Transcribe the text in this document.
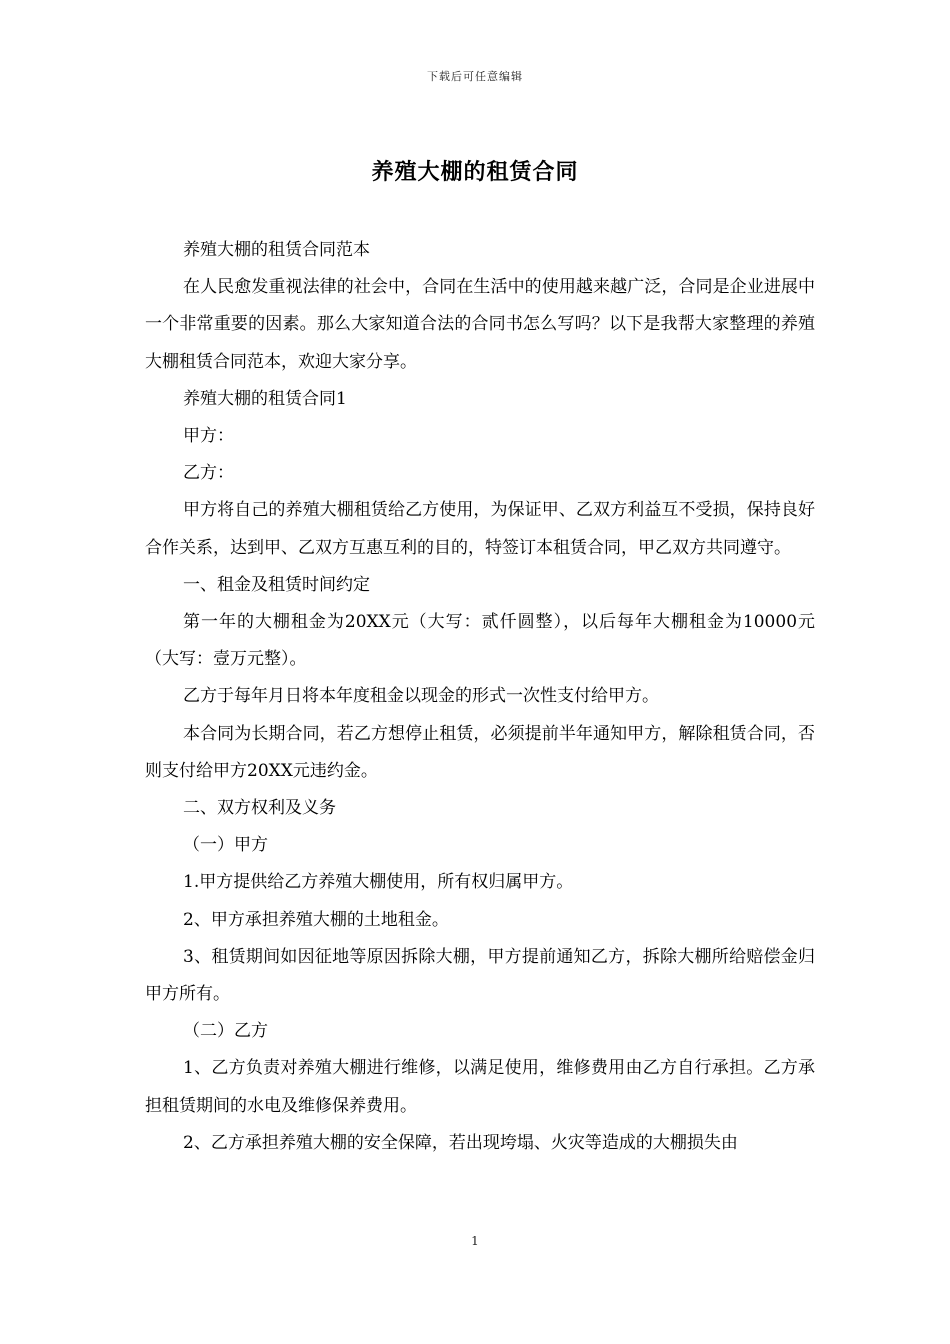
下载后可任意编辑
养殖大棚的租赁合同

养殖大棚的租赁合同范本

在人民愈发重视法律的社会中，合同在生活中的使用越来越广泛，合同是企业进展中一个非常重要的因素。那么大家知道合法的合同书怎么写吗？以下是我帮大家整理的养殖大棚租赁合同范本，欢迎大家分享。

养殖大棚的租赁合同1

甲方：

乙方：

甲方将自己的养殖大棚租赁给乙方使用，为保证甲、乙双方利益互不受损，保持良好合作关系，达到甲、乙双方互惠互利的目的，特签订本租赁合同，甲乙双方共同遵守。

一、租金及租赁时间约定

第一年的大棚租金为20XX元（大写：贰仟圆整），以后每年大棚租金为10000元（大写：壹万元整）。

乙方于每年月日将本年度租金以现金的形式一次性支付给甲方。

本合同为长期合同，若乙方想停止租赁，必须提前半年通知甲方，解除租赁合同，否则支付给甲方20XX元违约金。

二、双方权利及义务

（一）甲方

1.甲方提供给乙方养殖大棚使用，所有权归属甲方。

2、甲方承担养殖大棚的土地租金。

3、租赁期间如因征地等原因拆除大棚，甲方提前通知乙方，拆除大棚所给赔偿金归甲方所有。

（二）乙方

1、乙方负责对养殖大棚进行维修，以满足使用，维修费用由乙方自行承担。乙方承担租赁期间的水电及维修保养费用。

2、乙方承担养殖大棚的安全保障，若出现垮塌、火灾等造成的大棚损失由

1
